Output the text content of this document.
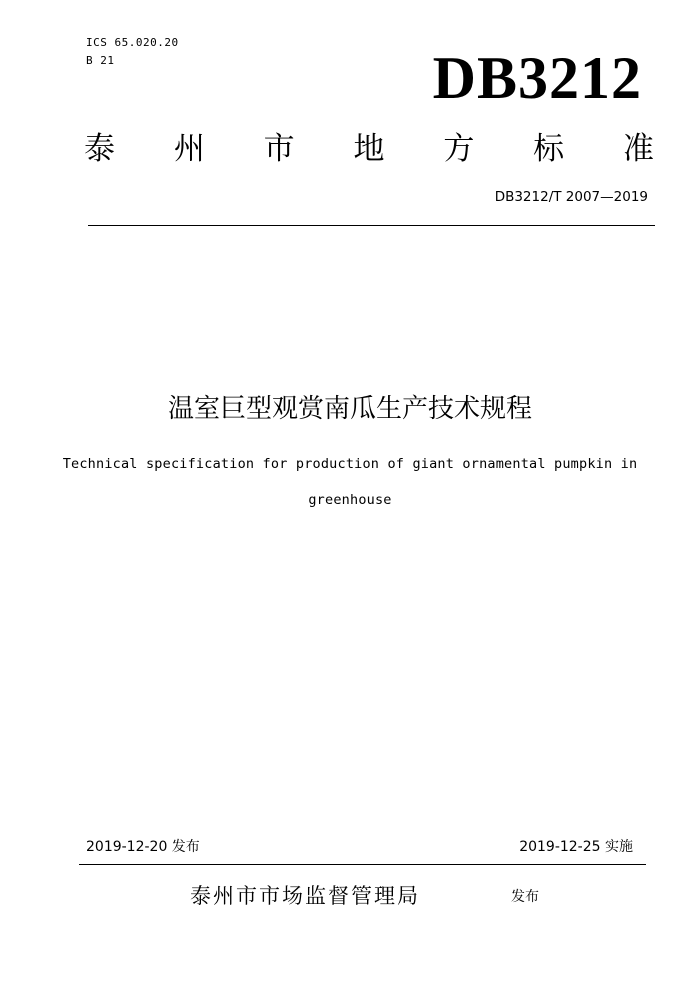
ICS 65.020.20
B 21	DB3212
泰 州 市 地 方 标 准
DB3212/T 2007—2019
温室巨型观赏南瓜生产技术规程
Technical specification for production of giant ornamental pumpkin in
greenhouse
2019-12-20 发布	2019-12-25 实施
泰州市市场监督管理局	发布
